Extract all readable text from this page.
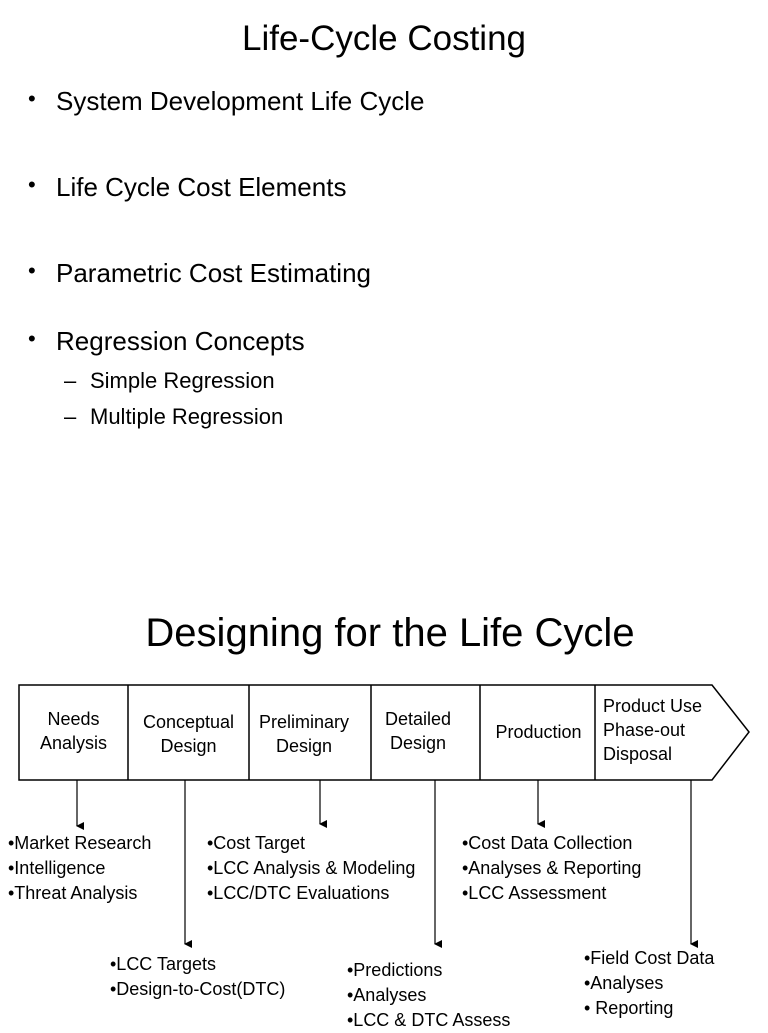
Life-Cycle Costing
• System Development Life Cycle
• Life Cycle Cost Elements
• Parametric Cost Estimating
• Regression Concepts
– Simple Regression
– Multiple Regression
Designing for the Life Cycle
Needs
Analysis
Conceptual
Design
Preliminary
Design
Detailed
Design
Production
Product Use
Phase-out
Disposal
•Market Research
•Intelligence
•Threat Analysis
•LCC Targets
•Design-to-Cost(DTC)
•Cost Target
•LCC Analysis & Modeling
•LCC/DTC Evaluations
•Predictions
•Analyses
•LCC & DTC Assess
•Cost Data Collection
•Analyses & Reporting
•LCC Assessment
•Field Cost Data
•Analyses
• Reporting
